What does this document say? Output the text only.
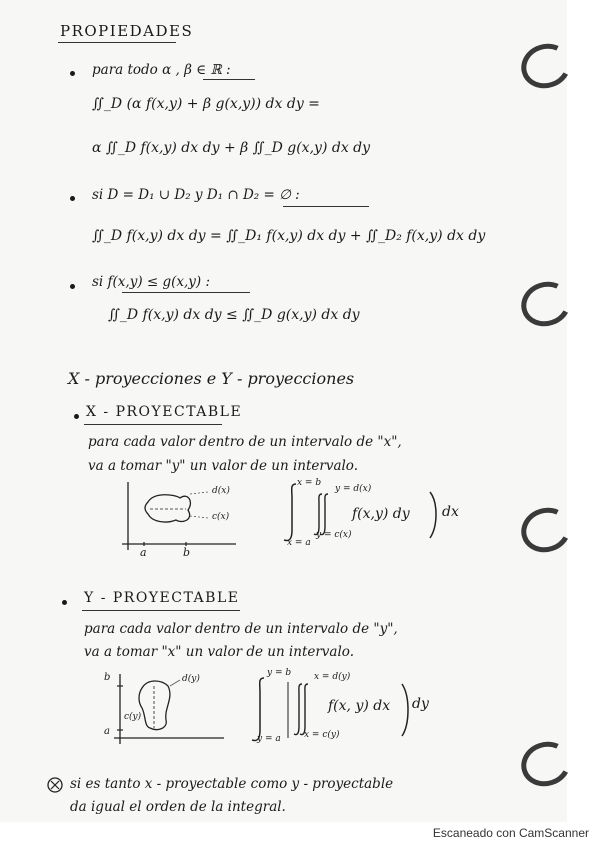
PROPIEDADES
para todo α , β ∈ ℝ :
∬_D (α f(x,y) + β g(x,y)) dx dy =
α ∬_D f(x,y) dx dy + β ∬_D g(x,y) dx dy
si D = D₁ ∪ D₂ y D₁ ∩ D₂ = ∅ :
∬_D f(x,y) dx dy = ∬_D₁ f(x,y) dx dy + ∬_D₂ f(x,y) dx dy
si f(x,y) ≤ g(x,y) :
∬_D f(x,y) dx dy ≤ ∬_D g(x,y) dx dy
X - proyecciones e Y - proyecciones
X - PROYECTABLE
para cada valor dentro de un intervalo de "x",
va a tomar "y" un valor de un intervalo.
d(x)
c(x)
a	b
x = b
x = a
y = d(x)
y = c(x)
f(x,y) dy dx
Y - PROYECTABLE
para cada valor dentro de un intervalo de "y",
va a tomar "x" un valor de un intervalo.
d(y)
c(y)
b
a
y = b
y = a
x = d(y)
x = c(y)
f(x, y) dx dy
si es tanto x - proyectable como y - proyectable
da igual el orden de la integral.
Escaneado con CamScanner
